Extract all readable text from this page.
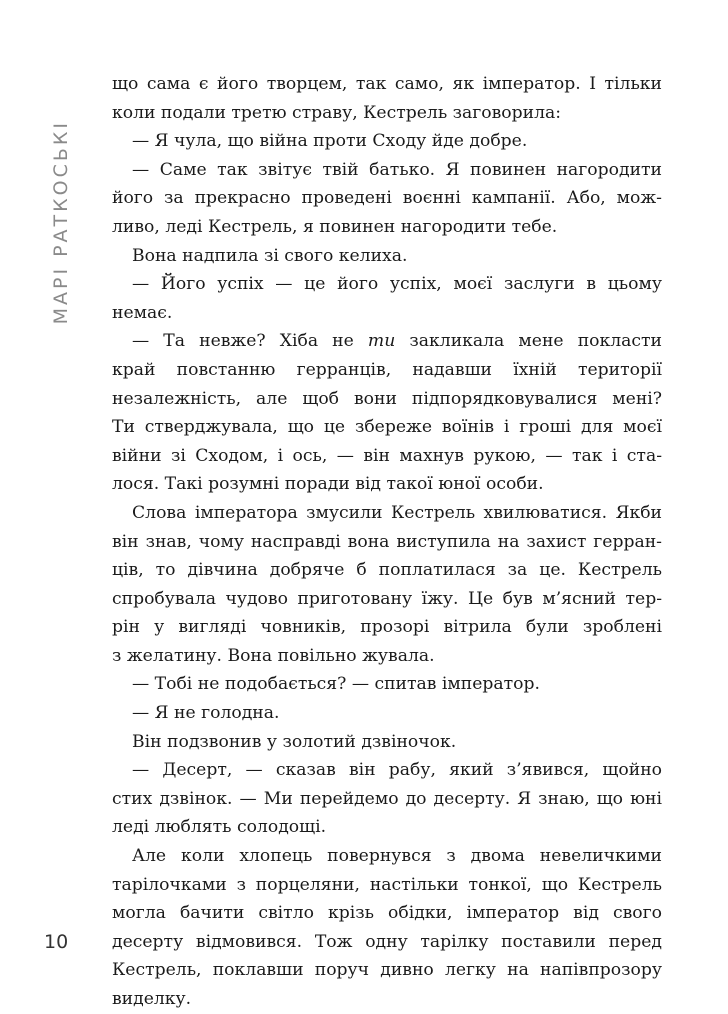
МАРІ РАТКОСЬКІ
що сама є його творцем, так само, як імператор. І тільки
коли подали третю страву, Кестрель заговорила:
— Я чула, що війна проти Сходу йде добре.
— Саме так звітує твій батько. Я повинен нагородити
його за прекрасно проведені воєнні кампанії. Або, мож-
ливо, леді Кестрель, я повинен нагородити тебе.
Вона надпила зі свого келиха.
— Його успіх — це його успіх, моєї заслуги в цьому
немає.
— Та невже? Хіба не ти закликала мене покласти
край повстанню герранців, надавши їхній території
незалежність, але щоб вони підпорядковувалися мені?
Ти стверджувала, що це збереже воїнів і гроші для моєї
війни зі Сходом, і ось, — він махнув рукою, — так і ста-
лося. Такі розумні поради від такої юної особи.
Слова імператора змусили Кестрель хвилюватися. Якби
він знав, чому насправді вона виступила на захист герран-
ців, то дівчина добряче б поплатилася за це. Кестрель
спробувала чудово приготовану їжу. Це був м’ясний тер-
рін у вигляді човників, прозорі вітрила були зроблені
з желатину. Вона повільно жувала.
— Тобі не подобається? — спитав імператор.
— Я не голодна.
Він подзвонив у золотий дзвіночок.
— Десерт, — сказав він рабу, який з’явився, щойно
стих дзвінок. — Ми перейдемо до десерту. Я знаю, що юні
леді люблять солодощі.
Але коли хлопець повернувся з двома невеличкими
тарілочками з порцеляни, настільки тонкої, що Кестрель
могла бачити світло крізь обідки, імператор від свого
десерту відмовився. Тож одну тарілку поставили перед
Кестрель, поклавши поруч дивно легку на напівпрозору
виделку.
10
